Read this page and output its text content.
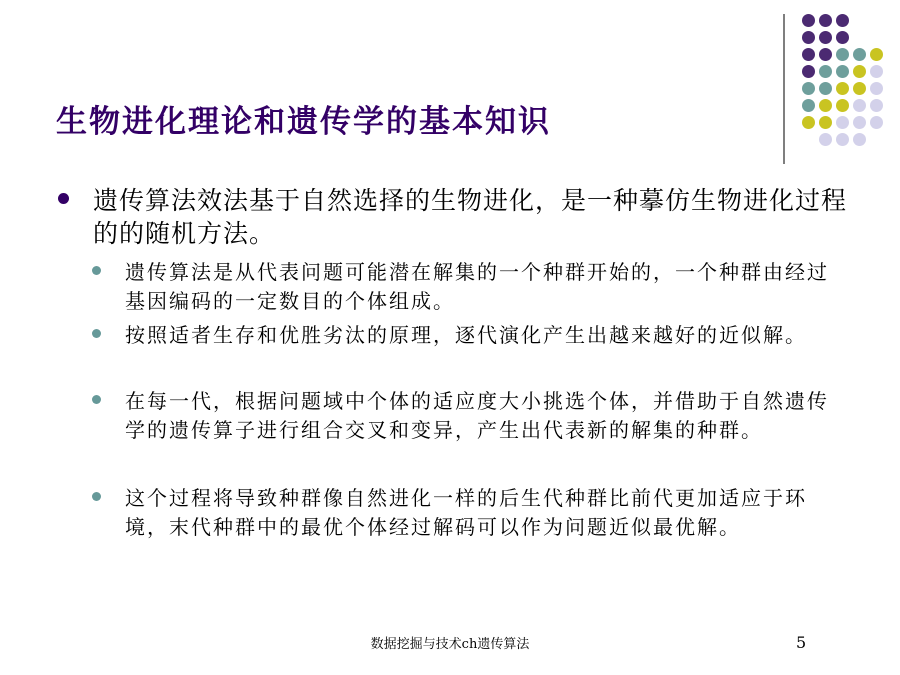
生物进化理论和遗传学的基本知识
遗传算法效法基于自然选择的生物进化，是一种摹仿生物进化过程的的随机方法。
遗传算法是从代表问题可能潜在解集的一个种群开始的，一个种群由经过基因编码的一定数目的个体组成。
按照适者生存和优胜劣汰的原理，逐代演化产生出越来越好的近似解。
在每一代，根据问题域中个体的适应度大小挑选个体，并借助于自然遗传学的遗传算子进行组合交叉和变异，产生出代表新的解集的种群。
这个过程将导致种群像自然进化一样的后生代种群比前代更加适应于环境，末代种群中的最优个体经过解码可以作为问题近似最优解。
数据挖掘与技术ch遗传算法	5
